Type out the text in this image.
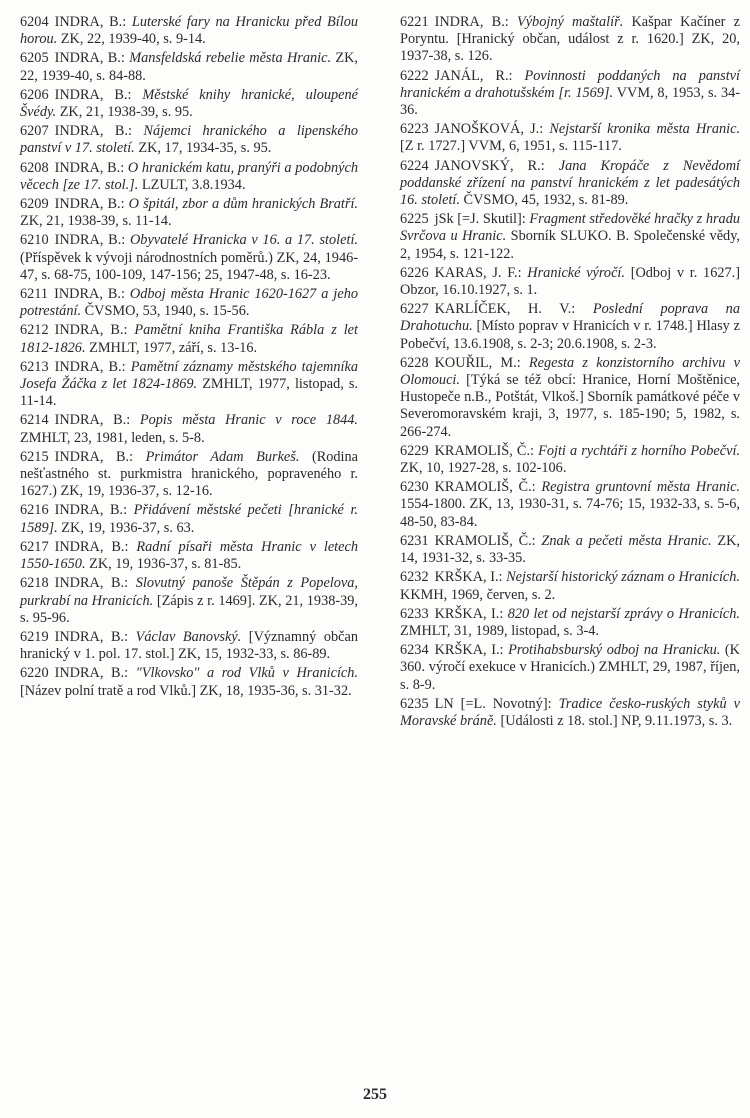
6204 INDRA, B.: Luterské fary na Hranicku před Bílou horou. ZK, 22, 1939-40, s. 9-14.

6205 INDRA, B.: Mansfeldská rebelie města Hranic. ZK, 22, 1939-40, s. 84-88.

6206 INDRA, B.: Městské knihy hranické, uloupené Švédy. ZK, 21, 1938-39, s. 95.

6207 INDRA, B.: Nájemci hranického a lipenského panství v 17. století. ZK, 17, 1934-35, s. 95.

6208 INDRA, B.: O hranickém katu, pranýři a podobných věcech [ze 17. stol.]. LZULT, 3.8.1934.

6209 INDRA, B.: O špitál, zbor a dům hranických Bratří. ZK, 21, 1938-39, s. 11-14.

6210 INDRA, B.: Obyvatelé Hranicka v 16. a 17. století. (Příspěvek k vývoji národnostních poměrů.) ZK, 24, 1946-47, s. 68-75, 100-109, 147-156; 25, 1947-48, s. 16-23.

6211 INDRA, B.: Odboj města Hranic 1620-1627 a jeho potrestání. ČVSMO, 53, 1940, s. 15-56.

6212 INDRA, B.: Pamětní kniha Františka Rábla z let 1812-1826. ZMHLT, 1977, září, s. 13-16.

6213 INDRA, B.: Pamětní záznamy městského tajemníka Josefa Žáčka z let 1824-1869. ZMHLT, 1977, listopad, s. 11-14.

6214 INDRA, B.: Popis města Hranic v roce 1844. ZMHLT, 23, 1981, leden, s. 5-8.

6215 INDRA, B.: Primátor Adam Burkeš. (Rodina nešťastného st. purkmistra hranického, popraveného r. 1627.) ZK, 19, 1936-37, s. 12-16.

6216 INDRA, B.: Přidávení městské pečeti [hranické r. 1589]. ZK, 19, 1936-37, s. 63.

6217 INDRA, B.: Radní písaři města Hranic v letech 1550-1650. ZK, 19, 1936-37, s. 81-85.

6218 INDRA, B.: Slovutný panoše Štěpán z Popelova, purkrabí na Hranicích. [Zápis z r. 1469]. ZK, 21, 1938-39, s. 95-96.

6219 INDRA, B.: Václav Banovský. [Významný občan hranický v 1. pol. 17. stol.] ZK, 15, 1932-33, s. 86-89.

6220 INDRA, B.: "Vlkovsko" a rod Vlků v Hranicích. [Název polní tratě a rod Vlků.] ZK, 18, 1935-36, s. 31-32.

6221 INDRA, B.: Výbojný maštalíř. Kašpar Kačíner z Poryntu. [Hranický občan, událost z r. 1620.] ZK, 20, 1937-38, s. 126.

6222 JANÁL, R.: Povinnosti poddaných na panství hranickém a drahotušském [r. 1569]. VVM, 8, 1953, s. 34-36.

6223 JANOŠKOVÁ, J.: Nejstarší kronika města Hranic.[Z r. 1727.] VVM, 6, 1951, s. 115-117.

6224 JANOVSKÝ, R.: Jana Kropáče z Nevědomí poddanské zřízení na panství hranickém z let padesátých 16. století. ČVSMO, 45, 1932, s. 81-89.

6225 jSk [=J. Skutil]: Fragment středověké hračky z hradu Svrčova u Hranic. Sborník SLUKO. B. Společenské vědy, 2, 1954, s. 121-122.

6226 KARAS, J. F.: Hranické výročí. [Odboj v r. 1627.] Obzor, 16.10.1927, s. 1.

6227 KARLÍČEK, H. V.: Poslední poprava na Drahotuchu. [Místo poprav v Hranicích v r. 1748.] Hlasy z Pobečví, 13.6.1908, s. 2-3; 20.6.1908, s. 2-3.

6228 KOUŘIL, M.: Regesta z konzistorního archivu v Olomouci. [Týká se též obcí: Hranice, Horní Moštěnice, Hustopeče n.B., Potštát, Vlkoš.] Sborník památkové péče v Severomoravském kraji, 3, 1977, s. 185-190; 5, 1982, s. 266-274.

6229 KRAMOLIŠ, Č.: Fojti a rychtáři z horního Pobečví. ZK, 10, 1927-28, s. 102-106.

6230 KRAMOLIŠ, Č.: Registra gruntovní města Hranic. 1554-1800. ZK, 13, 1930-31, s. 74-76; 15, 1932-33, s. 5-6, 48-50, 83-84.

6231 KRAMOLIŠ, Č.: Znak a pečeti města Hranic. ZK, 14, 1931-32, s. 33-35.

6232 KRŠKA, I.: Nejstarší historický záznam o Hranicích. KKMH, 1969, červen, s. 2.

6233 KRŠKA, I.: 820 let od nejstarší zprávy o Hranicích. ZMHLT, 31, 1989, listopad, s. 3-4.

6234 KRŠKA, I.: Protihabsburský odboj na Hranicku. (K 360. výročí exekuce v Hranicích.) ZMHLT, 29, 1987, říjen, s. 8-9.

6235 LN [=L. Novotný]: Tradice česko-ruských styků v Moravské bráně. [Události z 18. stol.] NP, 9.11.1973, s. 3.

255
